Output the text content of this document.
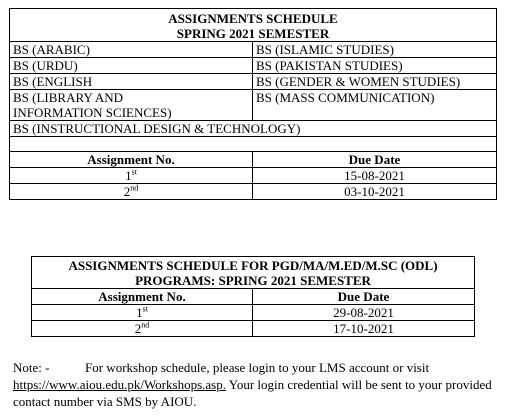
ASSIGNMENTS SCHEDULE
SPRING 2021 SEMESTER	

BS (ARABIC)	BS (ISLAMIC STUDIES)
BS (URDU)	BS (PAKISTAN STUDIES)
BS (ENGLISH	BS (GENDER & WOMEN STUDIES)
BS (LIBRARY AND INFORMATION SCIENCES)	BS (MASS COMMUNICATION)
BS (INSTRUCTIONAL DESIGN & TECHNOLOGY)	

Assignment No.	Due Date
1st	15-08-2021
2nd	03-10-2021
ASSIGNMENTS SCHEDULE FOR PGD/MA/M.ED/M.SC (ODL)
PROGRAMS: SPRING 2021 SEMESTER	

Assignment No.	Due Date
1st	29-08-2021
2nd	17-10-2021
Note: -	For workshop schedule, please login to your LMS account or visit https://www.aiou.edu.pk/Workshops.asp. Your login credential will be sent to your provided contact number via SMS by AIOU.
